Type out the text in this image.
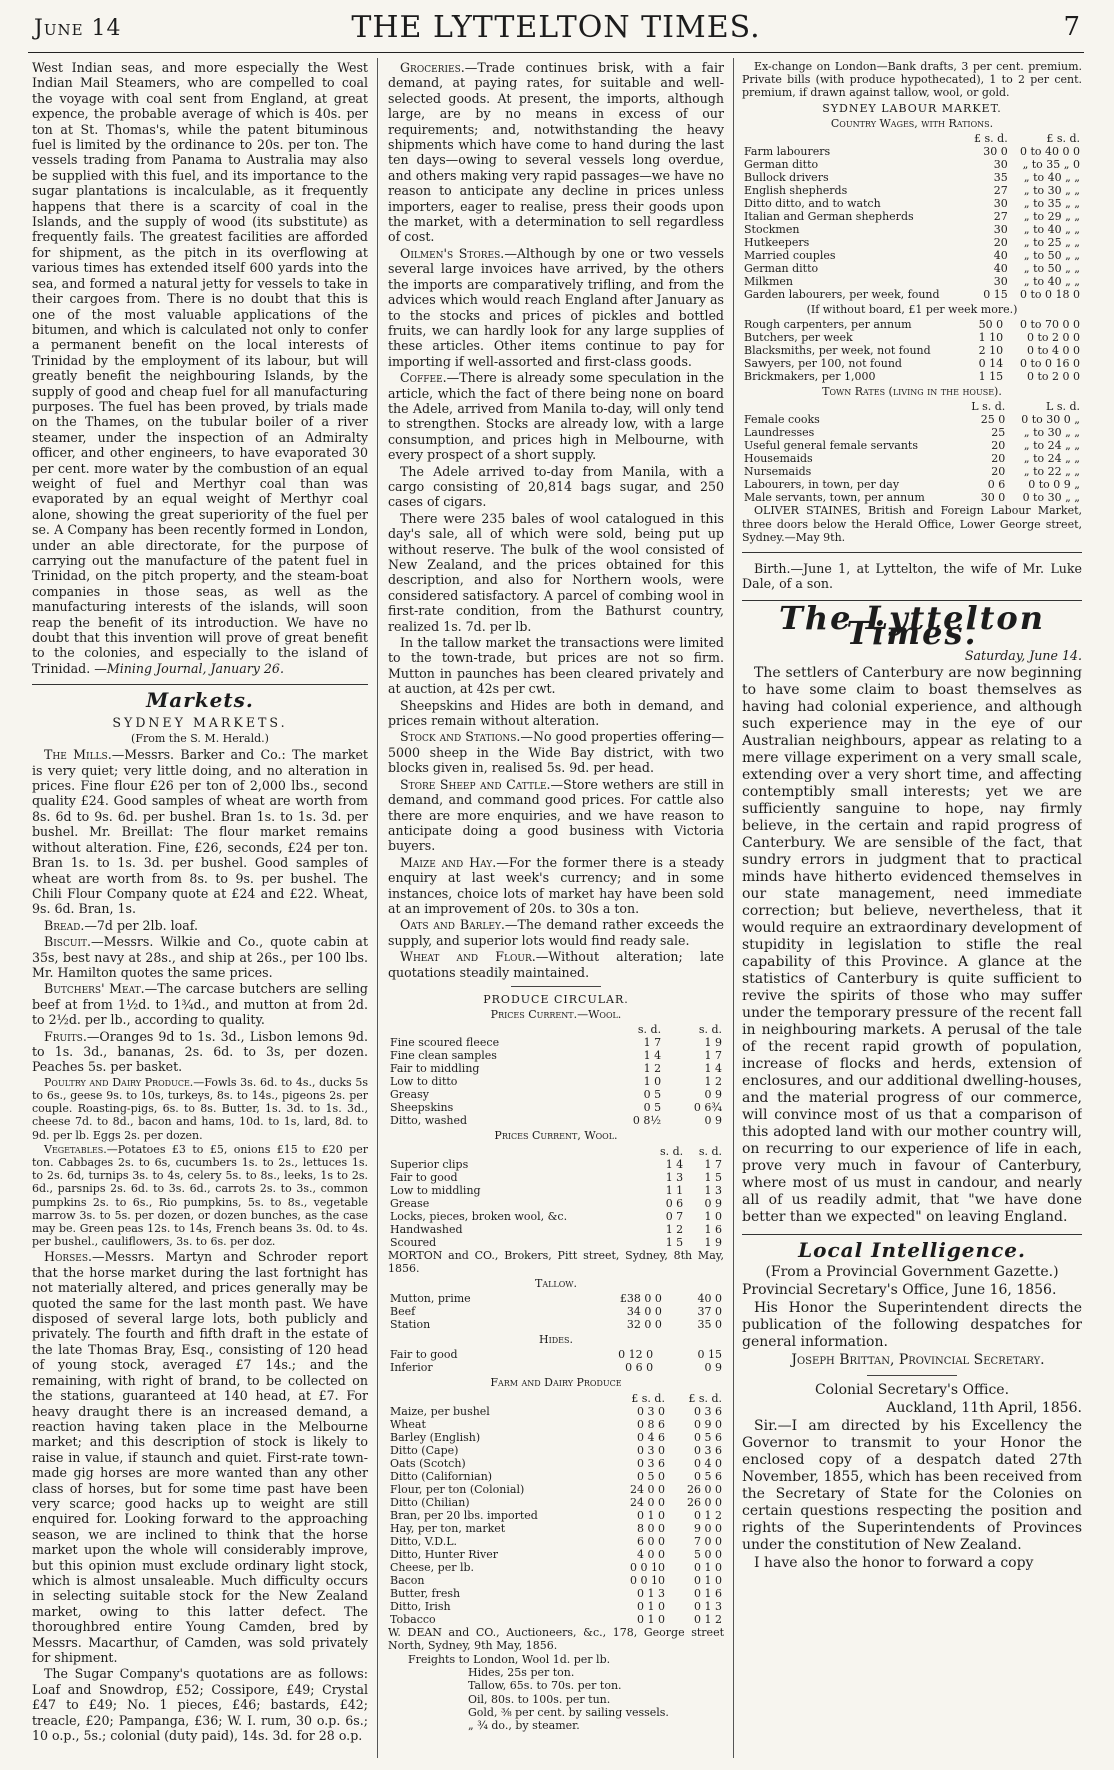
June 14	THE LYTTELTON TIMES.	7

West Indian seas, and more especially the West Indian Mail Steamers, who are compelled to coal the voyage with coal sent from England, at great expence, the probable average of which is 40s. per ton at St. Thomas's, while the patent bituminous fuel is limited by the ordinance to 20s. per ton. The vessels trading from Panama to Australia may also be supplied with this fuel, and its importance to the sugar plantations is incalculable, as it frequently happens that there is a scarcity of coal in the Islands, and the supply of wood (its substitute) as frequently fails. The greatest facilities are afforded for shipment, as the pitch in its overflowing at various times has extended itself 600 yards into the sea, and formed a natural jetty for vessels to take in their cargoes from. There is no doubt that this is one of the most valuable applications of the bitumen, and which is calculated not only to confer a permanent benefit on the local interests of Trinidad by the employment of its labour, but will greatly benefit the neighbouring Islands, by the supply of good and cheap fuel for all manufacturing purposes. The fuel has been proved, by trials made on the Thames, on the tubular boiler of a river steamer, under the inspection of an Admiralty officer, and other engineers, to have evaporated 30 per cent. more water by the combustion of an equal weight of fuel and Merthyr coal than was evaporated by an equal weight of Merthyr coal alone, showing the great superiority of the fuel per se. A Company has been recently formed in London, under an able directorate, for the purpose of carrying out the manufacture of the patent fuel in Trinidad, on the pitch property, and the steam-boat companies in those seas, as well as the manufacturing interests of the islands, will soon reap the benefit of its introduction. We have no doubt that this invention will prove of great benefit to the colonies, and especially to the island of Trinidad. —Mining Journal, January 26.

Markets.
SYDNEY MARKETS.
(From the S. M. Herald.)

The Mills.—Messrs. Barker and Co.: The market is very quiet; very little doing, and no alteration in prices. Fine flour £26 per ton of 2,000 lbs., second quality £24. Good samples of wheat are worth from 8s. 6d to 9s. 6d. per bushel. Bran 1s. to 1s. 3d. per bushel. Mr. Breillat: The flour market remains without alteration. Fine, £26, seconds, £24 per ton. Bran 1s. to 1s. 3d. per bushel. Good samples of wheat are worth from 8s. to 9s. per bushel. The Chili Flour Company quote at £24 and £22. Wheat, 9s. 6d. Bran, 1s.

Bread.—7d per 2lb. loaf.

Biscuit.—Messrs. Wilkie and Co., quote cabin at 35s, best navy at 28s., and ship at 26s., per 100 lbs. Mr. Hamilton quotes the same prices.

Butchers' Meat.—The carcase butchers are selling beef at from 1½d. to 1¾d., and mutton at from 2d. to 2½d. per lb., according to quality.

Fruits.—Oranges 9d to 1s. 3d., Lisbon lemons 9d. to 1s. 3d., bananas, 2s. 6d. to 3s, per dozen. Peaches 5s. per basket.

Poultry and Dairy Produce.—Fowls 3s. 6d. to 4s., ducks 5s to 6s., geese 9s. to 10s, turkeys, 8s. to 14s., pigeons 2s. per couple. Roasting-pigs, 6s. to 8s. Butter, 1s. 3d. to 1s. 3d., cheese 7d. to 8d., bacon and hams, 10d. to 1s, lard, 8d. to 9d. per lb. Eggs 2s. per dozen.

Vegetables.—Potatoes £3 to £5, onions £15 to £20 per ton. Cabbages 2s. to 6s, cucumbers 1s. to 2s., lettuces 1s. to 2s. 6d, turnips 3s. to 4s, celery 5s. to 8s., leeks, 1s to 2s. 6d., parsnips 2s. 6d. to 3s. 6d., carrots 2s. to 3s., common pumpkins 2s. to 6s., Rio pumpkins, 5s. to 8s., vegetable marrow 3s. to 5s. per dozen, or dozen bunches, as the case may be. Green peas 12s. to 14s, French beans 3s. 0d. to 4s. per bushel., cauliflowers, 3s. to 6s. per doz.

Horses.—Messrs. Martyn and Schroder report that the horse market during the last fortnight has not materially altered, and prices generally may be quoted the same for the last month past. We have disposed of several large lots, both publicly and privately. The fourth and fifth draft in the estate of the late Thomas Bray, Esq., consisting of 120 head of young stock, averaged £7 14s.; and the remaining, with right of brand, to be collected on the stations, guaranteed at 140 head, at £7. For heavy draught there is an increased demand, a reaction having taken place in the Melbourne market; and this description of stock is likely to raise in value, if staunch and quiet. First-rate town-made gig horses are more wanted than any other class of horses, but for some time past have been very scarce; good hacks up to weight are still enquired for. Looking forward to the approaching season, we are inclined to think that the horse market upon the whole will considerably improve, but this opinion must exclude ordinary light stock, which is almost unsaleable. Much difficulty occurs in selecting suitable stock for the New Zealand market, owing to this latter defect. The thoroughbred entire Young Camden, bred by Messrs. Macarthur, of Camden, was sold privately for shipment.

The Sugar Company's quotations are as follows: Loaf and Snowdrop, £52; Cossipore, £49; Crystal £47 to £49; No. 1 pieces, £46; bastards, £42; treacle, £20; Pampanga, £36; W. I. rum, 30 o.p. 6s.; 10 o.p., 5s.; colonial (duty paid), 14s. 3d. for 28 o.p.

Groceries.—Trade continues brisk, with a fair demand, at paying rates, for suitable and well-selected goods. At present, the imports, although large, are by no means in excess of our requirements; and, notwithstanding the heavy shipments which have come to hand during the last ten days—owing to several vessels long overdue, and others making very rapid passages—we have no reason to anticipate any decline in prices unless importers, eager to realise, press their goods upon the market, with a determination to sell regardless of cost.

Oilmen's Stores.—Although by one or two vessels several large invoices have arrived, by the others the imports are comparatively trifling, and from the advices which would reach England after January as to the stocks and prices of pickles and bottled fruits, we can hardly look for any large supplies of these articles. Other items continue to pay for importing if well-assorted and first-class goods.

Coffee.—There is already some speculation in the article, which the fact of there being none on board the Adele, arrived from Manila to-day, will only tend to strengthen. Stocks are already low, with a large consumption, and prices high in Melbourne, with every prospect of a short supply.

The Adele arrived to-day from Manila, with a cargo consisting of 20,814 bags sugar, and 250 cases of cigars.

There were 235 bales of wool catalogued in this day's sale, all of which were sold, being put up without reserve. The bulk of the wool consisted of New Zealand, and the prices obtained for this description, and also for Northern wools, were considered satisfactory. A parcel of combing wool in first-rate condition, from the Bathurst country, realized 1s. 7d. per lb.

In the tallow market the transactions were limited to the town-trade, but prices are not so firm. Mutton in paunches has been cleared privately and at auction, at 42s per cwt.

Sheepskins and Hides are both in demand, and prices remain without alteration.

Stock and Stations.—No good properties offering—5000 sheep in the Wide Bay district, with two blocks given in, realised 5s. 9d. per head.

Store Sheep and Cattle.—Store wethers are still in demand, and command good prices. For cattle also there are more enquiries, and we have reason to anticipate doing a good business with Victoria buyers.

Maize and Hay.—For the former there is a steady enquiry at last week's currency; and in some instances, choice lots of market hay have been sold at an improvement of 20s. to 30s a ton.

Oats and Barley.—The demand rather exceeds the supply, and superior lots would find ready sale.

Wheat and Flour.—Without alteration; late quotations steadily maintained.

PRODUCE CIRCULAR.
Prices Current.—Wool.
	s. d.	s. d.
Fine scoured fleece	1 7	1 9
Fine clean samples	1 4	1 7
Fair to middling	1 2	1 4
Low to ditto	1 0	1 2
Greasy	0 5	0 9
Sheepskins	0 5	0 6¾
Ditto, washed	0 8½	0 9
Prices Current, Wool.
	s. d.	s. d.
Superior clips	1 4	1 7
Fair to good	1 3	1 5
Low to middling	1 1	1 3
Grease	0 6	0 9
Locks, pieces, broken wool, &c.	0 7	1 0
Handwashed	1 2	1 6
Scoured	1 5	1 9

MORTON and CO., Brokers, Pitt street, Sydney, 8th May, 1856.

Tallow.
Mutton, prime	£38 0 0	40 0
Beef	34 0 0	37 0
Station	32 0 0	35 0
Hides.
Fair to good	0 12 0	0 15
Inferior	0 6 0	0 9
Farm and Dairy Produce
	£ s. d.	£ s. d.
Maize, per bushel	0 3 0	0 3 6
Wheat	0 8 6	0 9 0
Barley (English)	0 4 6	0 5 6
Ditto (Cape)	0 3 0	0 3 6
Oats (Scotch)	0 3 6	0 4 0
Ditto (Californian)	0 5 0	0 5 6
Flour, per ton (Colonial)	24 0 0	26 0 0
Ditto (Chilian)	24 0 0	26 0 0
Bran, per 20 lbs. imported	0 1 0	0 1 2
Hay, per ton, market	8 0 0	9 0 0
Ditto, V.D.L.	6 0 0	7 0 0
Ditto, Hunter River	4 0 0	5 0 0
Cheese, per lb.	0 0 10	0 1 0
Bacon	0 0 10	0 1 0
Butter, fresh	0 1 3	0 1 6
Ditto, Irish	0 1 0	0 1 3
Tobacco	0 1 0	0 1 2

W. DEAN and CO., Auctioneers, &c., 178, George street North, Sydney, 9th May, 1856.

Freights to London, Wool 1d. per lb.
Hides, 25s per ton.
Tallow, 65s. to 70s. per ton.
Oil, 80s. to 100s. per tun.
Gold, ⅜ per cent. by sailing vessels.
„ ¾ do., by steamer.

Ex-change on London—Bank drafts, 3 per cent. premium. Private bills (with produce hypothecated), 1 to 2 per cent. premium, if drawn against tallow, wool, or gold.

SYDNEY LABOUR MARKET.
Country Wages, with Rations.
	£ s. d.	£ s. d.
Farm labourers	30 0	0 to 40 0 0
German ditto	30	„ to 35 „ 0
Bullock drivers	35	„ to 40 „ „
English shepherds	27	„ to 30 „ „
Ditto ditto, and to watch	30	„ to 35 „ „
Italian and German shepherds	27	„ to 29 „ „
Stockmen	30	„ to 40 „ „
Hutkeepers	20	„ to 25 „ „
Married couples	40	„ to 50 „ „
German ditto	40	„ to 50 „ „
Milkmen	30	„ to 40 „ „
Garden labourers, per week, found	0 15	0 to 0 18 0
(If without board, £1 per week more.)
Rough carpenters, per annum	50 0	0 to 70 0 0
Butchers, per week	1 10	0 to 2 0 0
Blacksmiths, per week, not found	2 10	0 to 4 0 0
Sawyers, per 100, not found	0 14	0 to 0 16 0
Brickmakers, per 1,000	1 15	0 to 2 0 0
Town Rates (living in the house).
	L s. d.	L s. d.
Female cooks	25 0	0 to 30 0 „
Laundresses	25	„ to 30 „ „
Useful general female servants	20	„ to 24 „ „
Housemaids	20	„ to 24 „ „
Nursemaids	20	„ to 22 „ „
Labourers, in town, per day	0 6	0 to 0 9 „
Male servants, town, per annum	30 0	0 to 30 „ „

OLIVER STAINES, British and Foreign Labour Market, three doors below the Herald Office, Lower George street, Sydney.—May 9th.

Birth.—June 1, at Lyttelton, the wife of Mr. Luke Dale, of a son.

The Lyttelton Times.
Saturday, June 14.

The settlers of Canterbury are now beginning to have some claim to boast themselves as having had colonial experience, and although such experience may in the eye of our Australian neighbours, appear as relating to a mere village experiment on a very small scale, extending over a very short time, and affecting contemptibly small interests; yet we are sufficiently sanguine to hope, nay firmly believe, in the certain and rapid progress of Canterbury. We are sensible of the fact, that sundry errors in judgment that to practical minds have hitherto evidenced themselves in our state management, need immediate correction; but believe, nevertheless, that it would require an extraordinary development of stupidity in legislation to stifle the real capability of this Province. A glance at the statistics of Canterbury is quite sufficient to revive the spirits of those who may suffer under the temporary pressure of the recent fall in neighbouring markets. A perusal of the tale of the recent rapid growth of population, increase of flocks and herds, extension of enclosures, and our additional dwelling-houses, and the material progress of our commerce, will convince most of us that a comparison of this adopted land with our mother country will, on recurring to our experience of life in each, prove very much in favour of Canterbury, where most of us must in candour, and nearly all of us readily admit, that "we have done better than we expected" on leaving England.

Local Intelligence.

(From a Provincial Government Gazette.)

Provincial Secretary's Office, June 16, 1856.

His Honor the Superintendent directs the publication of the following despatches for general information.

Joseph Brittan, Provincial Secretary.

Colonial Secretary's Office.

Auckland, 11th April, 1856.

Sir.—I am directed by his Excellency the Governor to transmit to your Honor the enclosed copy of a despatch dated 27th November, 1855, which has been received from the Secretary of State for the Colonies on certain questions respecting the position and rights of the Superintendents of Provinces under the constitution of New Zealand.

I have also the honor to forward a copy
